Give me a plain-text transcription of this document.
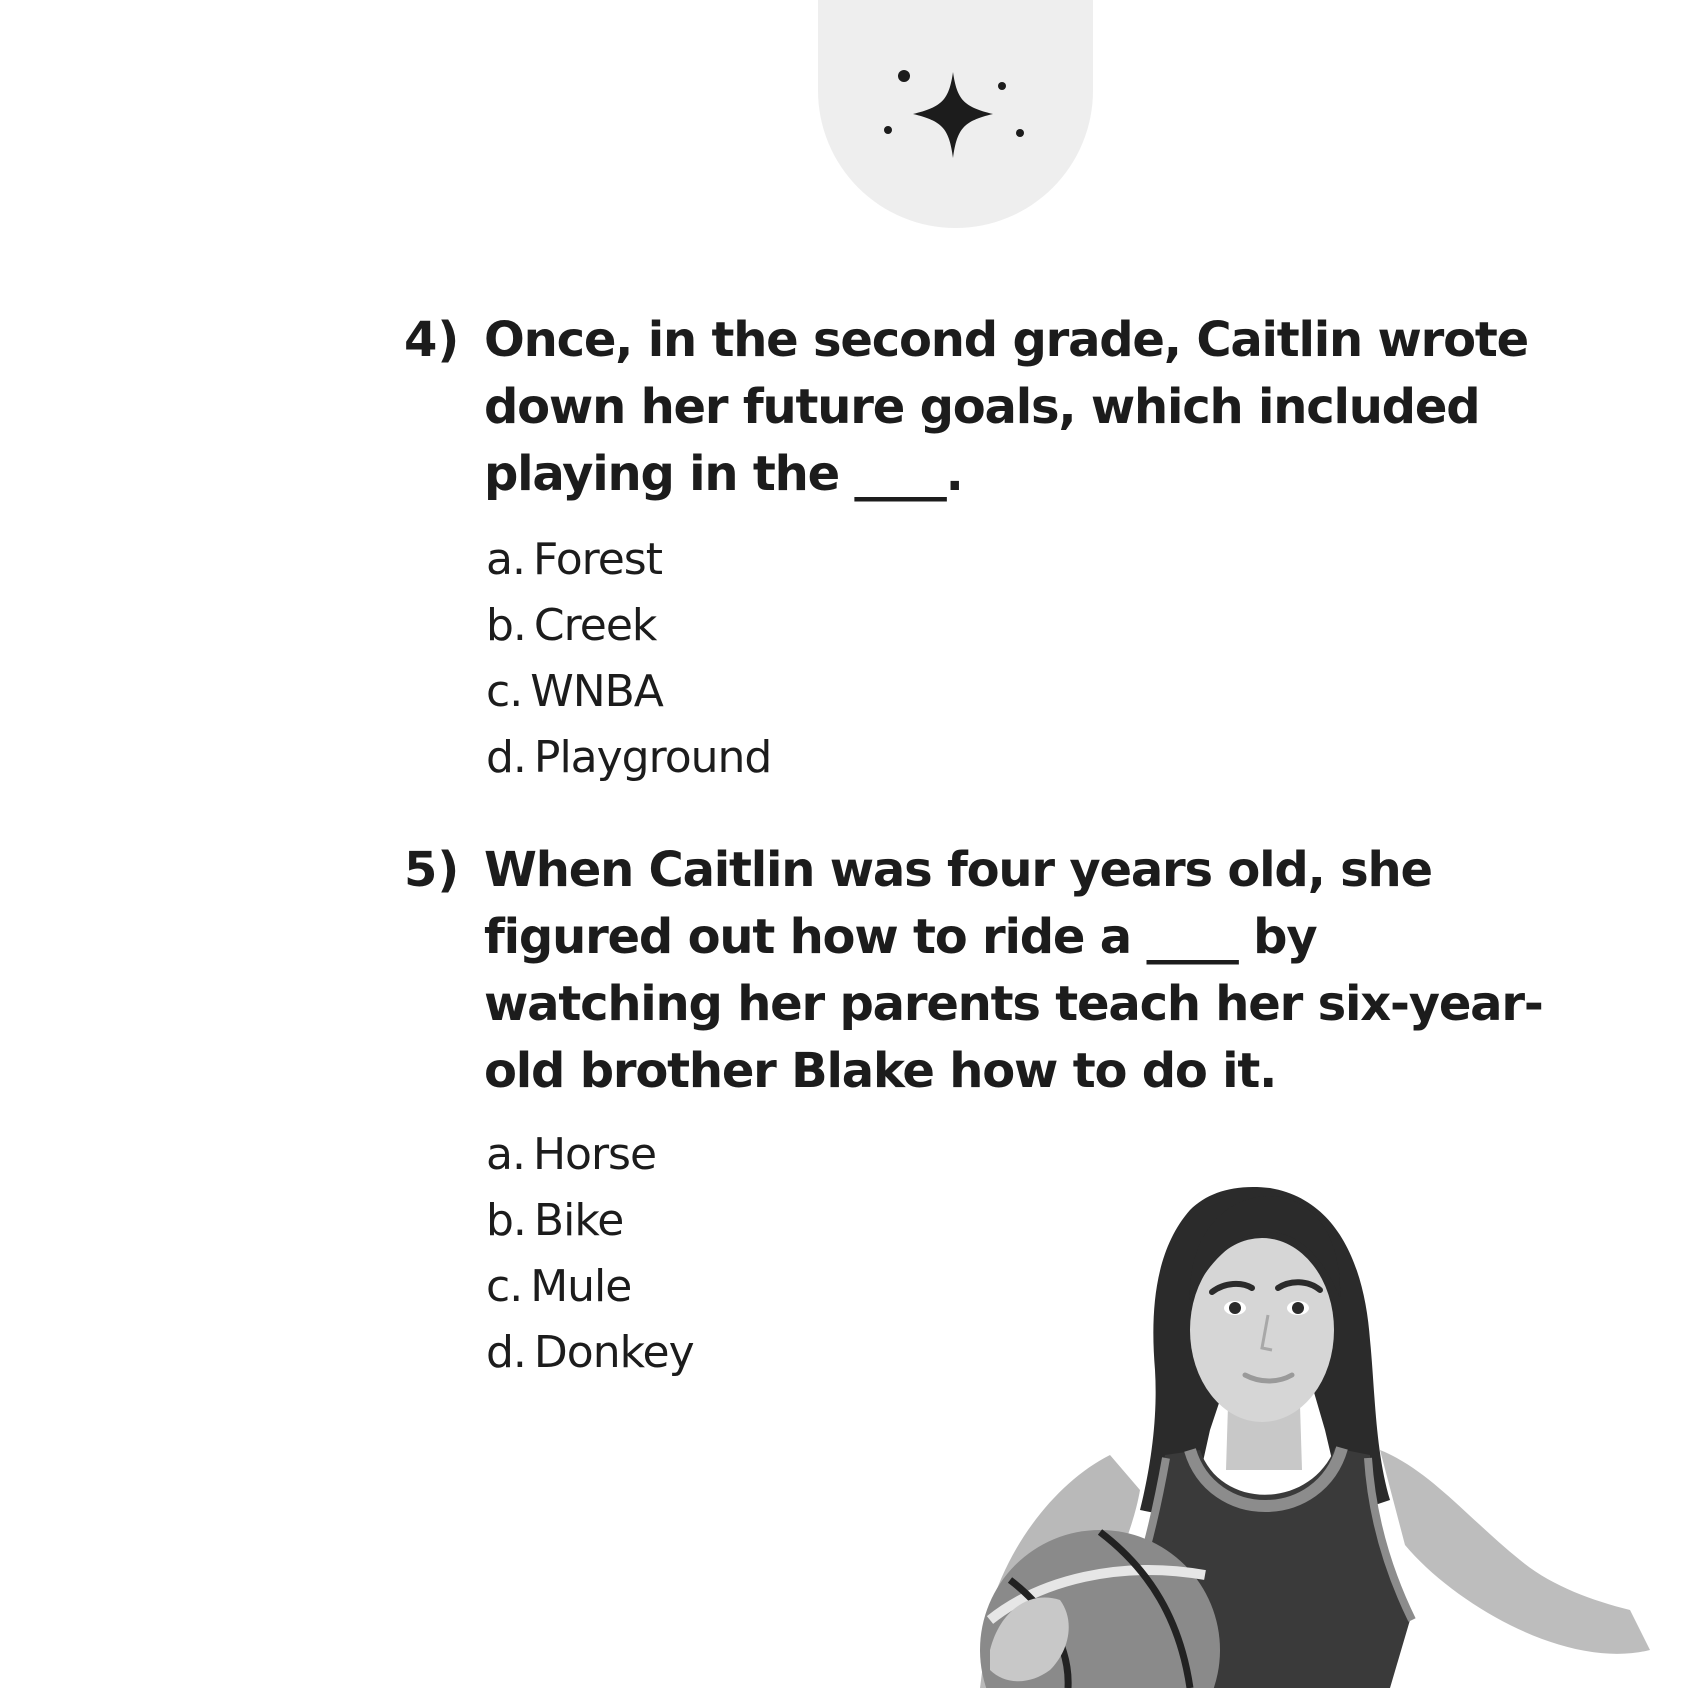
4) Once, in the second grade, Caitlin wrote down her future goals, which included playing in the ____.
a. Forest
b. Creek
c. WNBA
d. Playground
5) When Caitlin was four years old, she figured out how to ride a ____ by watching her parents teach her six-year-old brother Blake how to do it.
a. Horse
b. Bike
c. Mule
d. Donkey
